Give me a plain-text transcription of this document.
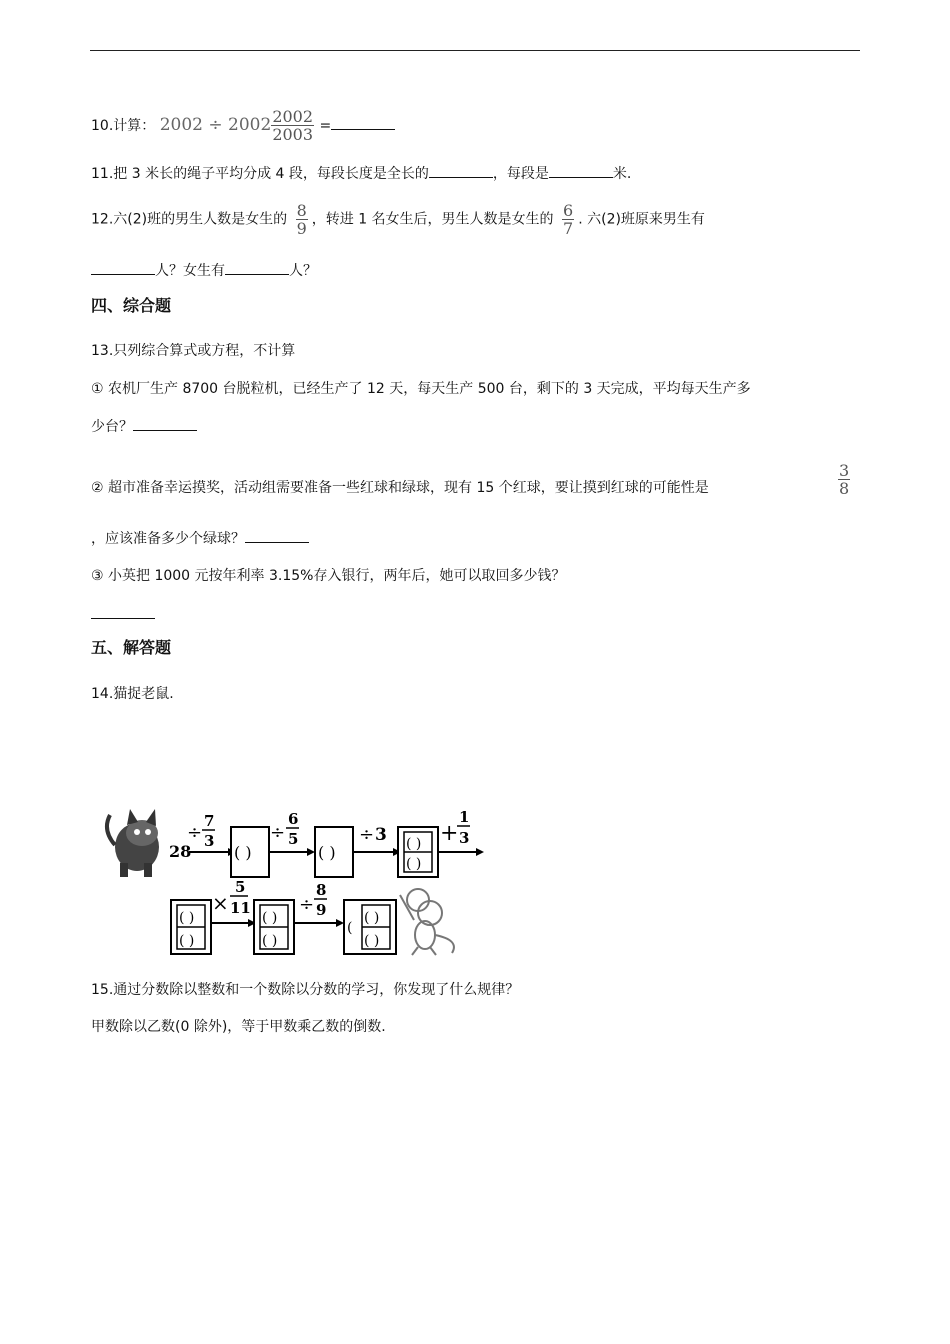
10.计算： $2002 \div 2002 \frac{2002}{2003}$ =
11.把 3 米长的绳子平均分成 4 段，每段长度是全长的	，每段是	米.
12.六(2)班的男生人数是女生的 $\frac{8}{9}$ ，转进 1 名女生后，男生人数是女生的 $\frac{6}{7}$ . 六(2)班原来男生有
人？女生有	人？
四、综合题
13.只列综合算式或方程，不计算
① 农机厂生产 8700 台脱粒机，已经生产了 12 天，每天生产 500 台，剩下的 3 天完成，平均每天生产多
少台？
② 超市准备幸运摸奖，活动组需要准备一些红球和绿球，现有 15 个红球，要让摸到红球的可能性是	$\frac{3}{8}$
，应该准备多少个绿球？
③ 小英把 1000 元按年利率 3.15%存入银行，两年后，她可以取回多少钱？
五、解答题
14.猫捉老鼠.
28
÷
7
3
( )
÷
6
5
( )
÷ 3 ( )
( )
+
1
3
( )
( )
×
5
11
( )
( )
÷
8
9	( )
( )
(
15.通过分数除以整数和一个数除以分数的学习，你发现了什么规律？
甲数除以乙数(0 除外)，等于甲数乘乙数的倒数.
